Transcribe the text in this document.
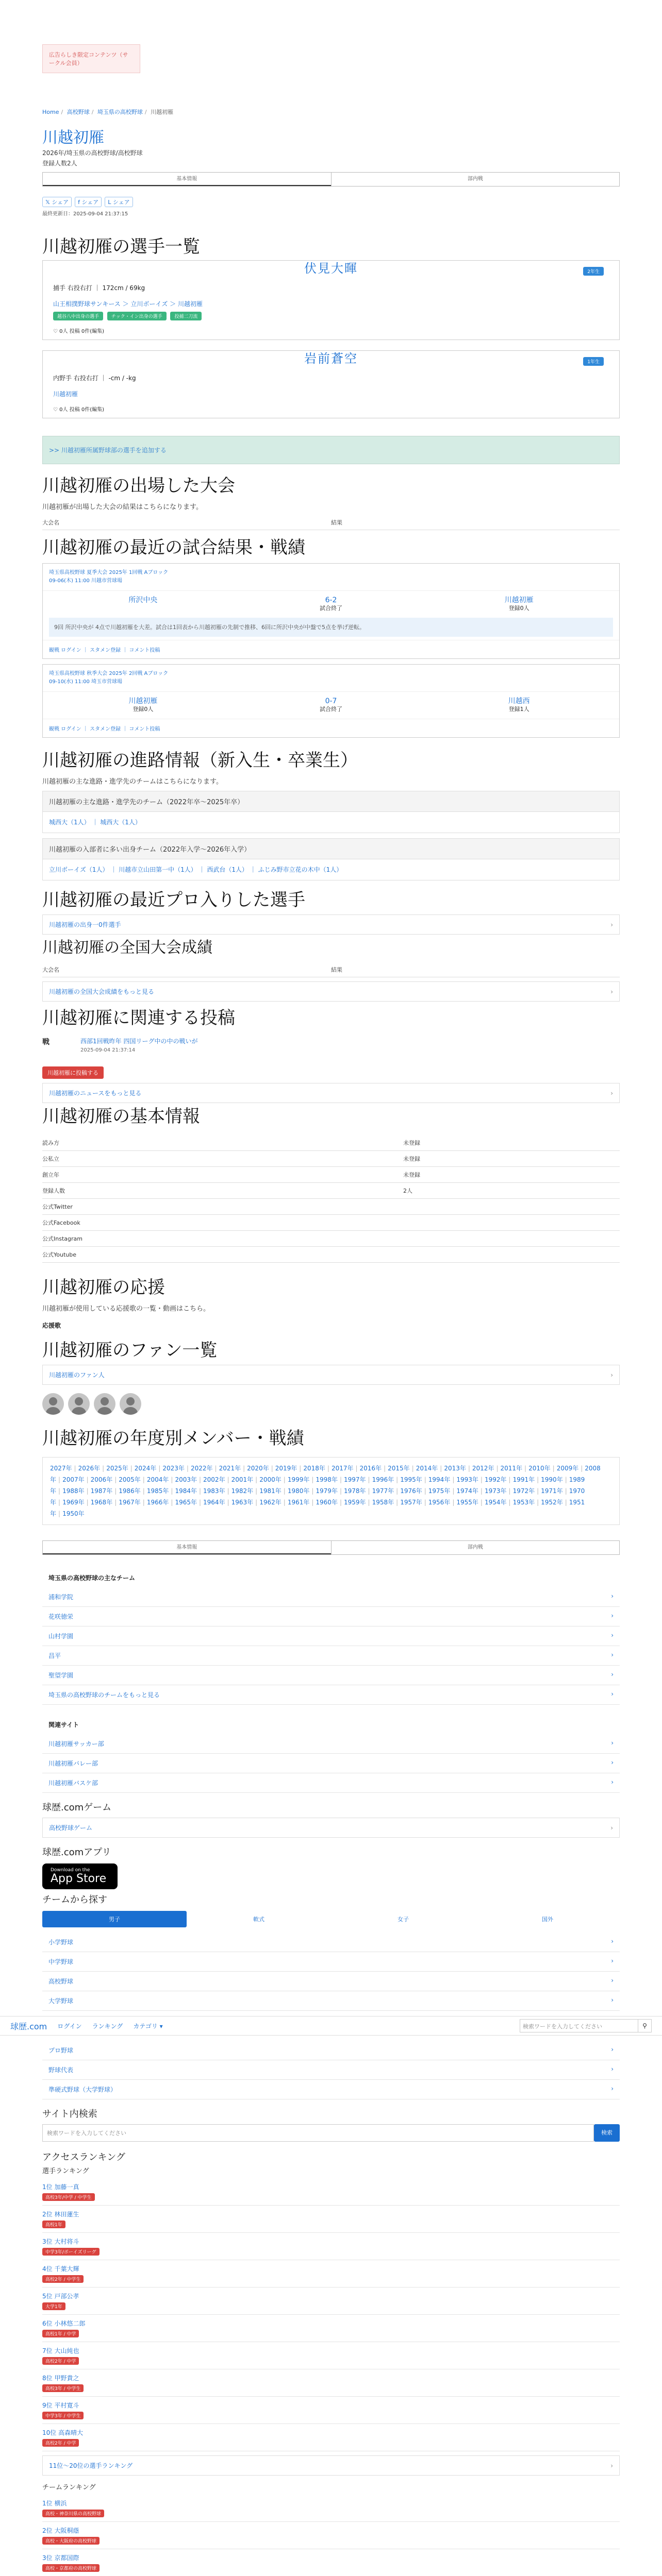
広告らしき限定コンテンツ（サークル会員）
Home / 高校野球 / 埼玉県の高校野球 / 川越初雁
川越初雁
2026年/埼玉県の高校野球/高校野球
登録人数2人
基本情報	部内戦
𝕏 シェア	f シェア	L シェア
最終更新日：2025-09-04 21:37:15
川越初雁の選手一覧
伏見大暉	2年生
捕手 右投右打 ｜ 172cm / 69kg
山王相撲野球サンキース ＞ 立川ボーイズ ＞ 川越初雁
越谷八中出身の選手	チック・イン出身の選手	投捕二刀流
♡ 0人 投稿 0件(編集)
岩前蒼空	1年生
内野手 右投右打 ｜ -cm / -kg
川越初雁
♡ 0人 投稿 0件(編集)
>> 川越初雁所属野球部の選手を追加する
川越初雁の出場した大会
川越初雁が出場した大会の結果はこちらになります。
大会名	結果
川越初雁の最近の試合結果・戦績
埼玉県高校野球 夏季大会 2025年 1回戦 Aブロック
09-06(木) 11:00 川越市営球場
所沢中央	6-2
試合終了
川越初雁
登録0人
9回 所沢中央が 4点で川越初雁を大差。試合は1回表から川越初雁の先制で推移、6回に所沢中央が中盤で5点を挙げ逆転。
観戦 ログイン ｜ スタメン登録 ｜ コメント投稿
埼玉県高校野球 秋季大会 2025年 2回戦 Aブロック
09-10(水) 11:00 埼玉市営球場
川越初雁
登録0人
0-7
試合終了
川越西
登録1人
観戦 ログイン ｜ スタメン登録 ｜ コメント投稿
川越初雁の進路情報（新入生・卒業生）
川越初雁の主な進路・進学先のチームはこちらになります。
川越初雁の主な進路・進学先のチーム（2022年卒〜2025年卒）
城西大（1人） ｜ 城西大（1人）
川越初雁の入部者に多い出身チーム（2022年入学〜2026年入学）
立川ボーイズ（1人） ｜ 川越市立山田第一中（1人） ｜ 西武台（1人） ｜ ふじみ野市立花の木中（1人）
川越初雁の最近プロ入りした選手
川越初雁の出身一0件選手	›
川越初雁の全国大会成績
大会名	結果
川越初雁の全国大会成績をもっと見る	›
川越初雁に関連する投稿
戦	西部1回戦昨年 四国リーグ中の中の戦いが
2025-09-04 21:37:14
川越初雁に投稿する
川越初雁のニュースをもっと見る	›
川越初雁の基本情報
読み方	未登録
公私立	未登録
創立年	未登録
登録人数	2人
公式Twitter
公式Facebook
公式Instagram
公式Youtube
川越初雁の応援
川越初雁が使用している応援歌の一覧・動画はこちら。
応援歌
川越初雁のファン一覧
川越初雁のファン人	›
川越初雁の年度別メンバー・戦績
2027年 | 2026年 | 2025年 | 2024年 | 2023年 | 2022年 | 2021年 | 2020年 | 2019年 | 2018年 | 2017年 | 2016年 | 2015年 | 2014年 | 2013年 | 2012年 | 2011年 | 2010年 | 2009年 | 2008年 | 2007年 | 2006年 | 2005年 | 2004年 | 2003年 | 2002年 | 2001年 | 2000年 | 1999年 | 1998年 | 1997年 | 1996年 | 1995年 | 1994年 | 1993年 | 1992年 | 1991年 | 1990年 | 1989年 | 1988年 | 1987年 | 1986年 | 1985年 | 1984年 | 1983年 | 1982年 | 1981年 | 1980年 | 1979年 | 1978年 | 1977年 | 1976年 | 1975年 | 1974年 | 1973年 | 1972年 | 1971年 | 1970年 | 1969年 | 1968年 | 1967年 | 1966年 | 1965年 | 1964年 | 1963年 | 1962年 | 1961年 | 1960年 | 1959年 | 1958年 | 1957年 | 1956年 | 1955年 | 1954年 | 1953年 | 1952年 | 1951年 | 1950年
基本情報	部内戦
埼玉県の高校野球の主なチーム
浦和学院	›
花咲徳栄	›
山村学園	›
昌平	›
聖望学園	›
埼玉県の高校野球のチームをもっと見る	›
関連サイト
川越初雁サッカー部	›
川越初雁バレー部	›
川越初雁バスケ部	›
球歴.comゲーム
高校野球ゲーム	›
球歴.comアプリ
Download on the
App Store
チームから探す
男子	軟式	女子	国外
小学野球	›
中学野球	›
高校野球	›
大学野球	›
球歴.com ログイン ランキング カテゴリ ▾	検索ワードを入力してください	⚲
プロ野球	›
野球代表	›
準硬式野球（大学野球）	›
サイト内検索
検索ワードを入力してください	検索
アクセスランキング
選手ランキング
1位 加藤一真
高校3年/中学 / 中学生
2位 林田蓮生
高校1年
3位 大村将斗
中学3年/ボーイズリーグ
4位 千葉大輝
高校2年 / 中学生
5位 戸部公孝
大学1年
6位 小林悠二郎
高校1年 / 中学
7位 大山純也
高校2年 / 中学
8位 甲野貴之
高校3年 / 中学生
9位 平村寛斗
中学3年 / 中学生
10位 高森晴大
高校2年 / 中学
11位〜20位の選手ランキング	›
チームランキング
1位 横浜
高校・神奈川県の高校野球
2位 大阪桐蔭
高校・大阪府の高校野球
3位 京都国際
高校・京都府の高校野球
